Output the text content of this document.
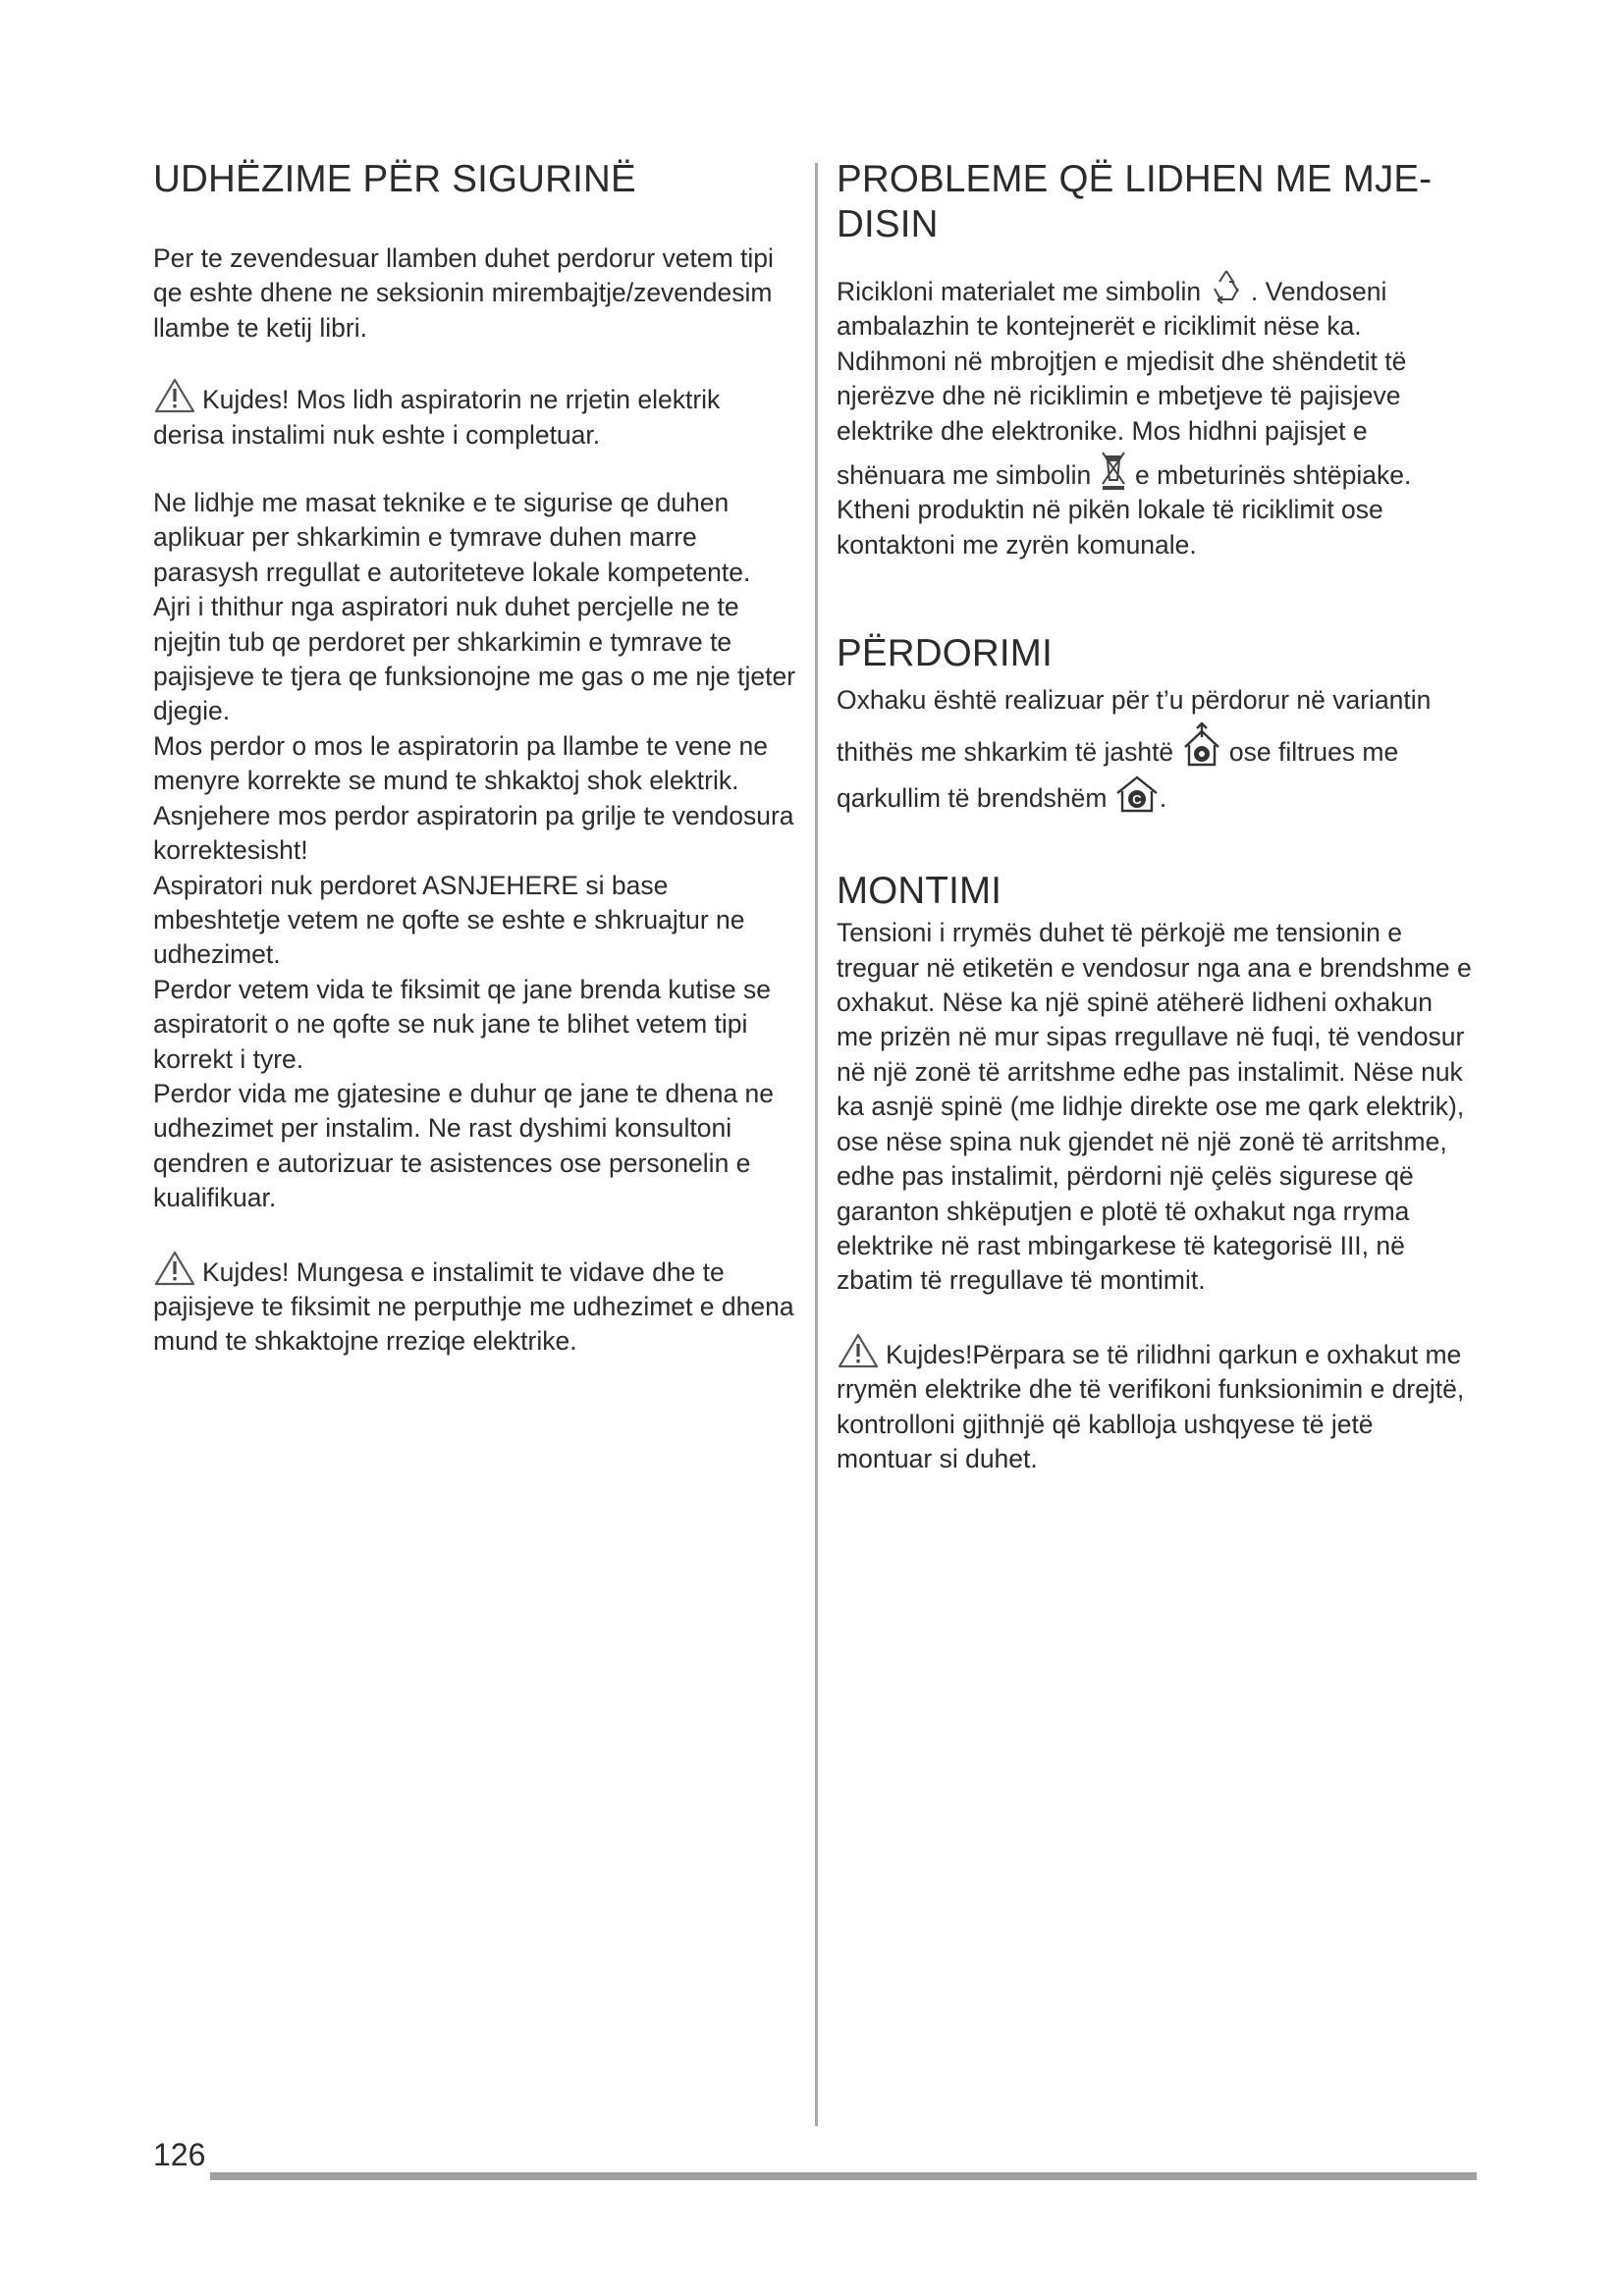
UDHËZIME PËR SIGURINË

Per te zevendesuar llamben duhet perdorur vetem tipi qe eshte dhene ne seksionin mirembajtje/zevendesim llambe te ketij libri.

Kujdes! Mos lidh aspiratorin ne rrjetin elektrik derisa instalimi nuk eshte i completuar.

Ne lidhje me masat teknike e te sigurise qe duhen aplikuar per shkarkimin e tymrave duhen marre parasysh rregullat e autoriteteve lokale kompetente.

Ajri i thithur nga aspiratori nuk duhet percjelle ne te njejtin tub qe perdoret per shkarkimin e tymrave te pajisjeve te tjera qe funksionojne me gas o me nje tjeter djegie.

Mos perdor o mos le aspiratorin pa llambe te vene ne menyre korrekte se mund te shkaktoj shok elektrik.

Asnjehere mos perdor aspiratorin pa grilje te vendosura korrektesisht!

Aspiratori nuk perdoret ASNJEHERE si base mbeshtetje vetem ne qofte se eshte e shkruajtur ne udhezimet.

Perdor vetem vida te fiksimit qe jane brenda kutise se aspiratorit o ne qofte se nuk jane te blihet vetem tipi korrekt i tyre.

Perdor vida me gjatesine e duhur qe jane te dhena ne udhezimet per instalim. Ne rast dyshimi konsultoni qendren e autorizuar te asistences ose personelin e kualifikuar.

Kujdes! Mungesa e instalimit te vidave dhe te pajisjeve te fiksimit ne perputhje me udhezimet e dhena mund te shkaktojne rreziqe elektrike.
PROBLEME QË LIDHEN ME MJE-DISIN

Ricikloni materialet me simbolin . Vendoseni ambalazhin te kontejnerët e riciklimit nëse ka. Ndihmoni në mbrojtjen e mjedisit dhe shëndetit të njerëzve dhe në riciklimin e mbetjeve të pajisjeve elektrike dhe elektronike. Mos hidhni pajisjet e shënuara me simbolin e mbeturinës shtëpiake. Ktheni produktin në pikën lokale të riciklimit ose kontaktoni me zyrën komunale.

PËRDORIMI

Oxhaku është realizuar për t’u përdorur në variantin thithës me shkarkim të jashtë ose filtrues me qarkullim të brendshëm C .

MONTIMI

Tensioni i rrymës duhet të përkojë me tensionin e treguar në etiketën e vendosur nga ana e brendshme e oxhakut. Nëse ka një spinë atëherë lidheni oxhakun me prizën në mur sipas rregullave në fuqi, të vendosur në një zonë të arritshme edhe pas instalimit. Nëse nuk ka asnjë spinë (me lidhje direkte ose me qark elektrik), ose nëse spina nuk gjendet në një zonë të arritshme, edhe pas instalimit, përdorni një çelës sigurese që garanton shkëputjen e plotë të oxhakut nga rryma elektrike në rast mbingarkese të kategorisë III, në zbatim të rregullave të montimit.

Kujdes!Përpara se të rilidhni qarkun e oxhakut me rrymën elektrike dhe të verifikoni funksionimin e drejtë, kontrolloni gjithnjë që kablloja ushqyese të jetë montuar si duhet.
126
